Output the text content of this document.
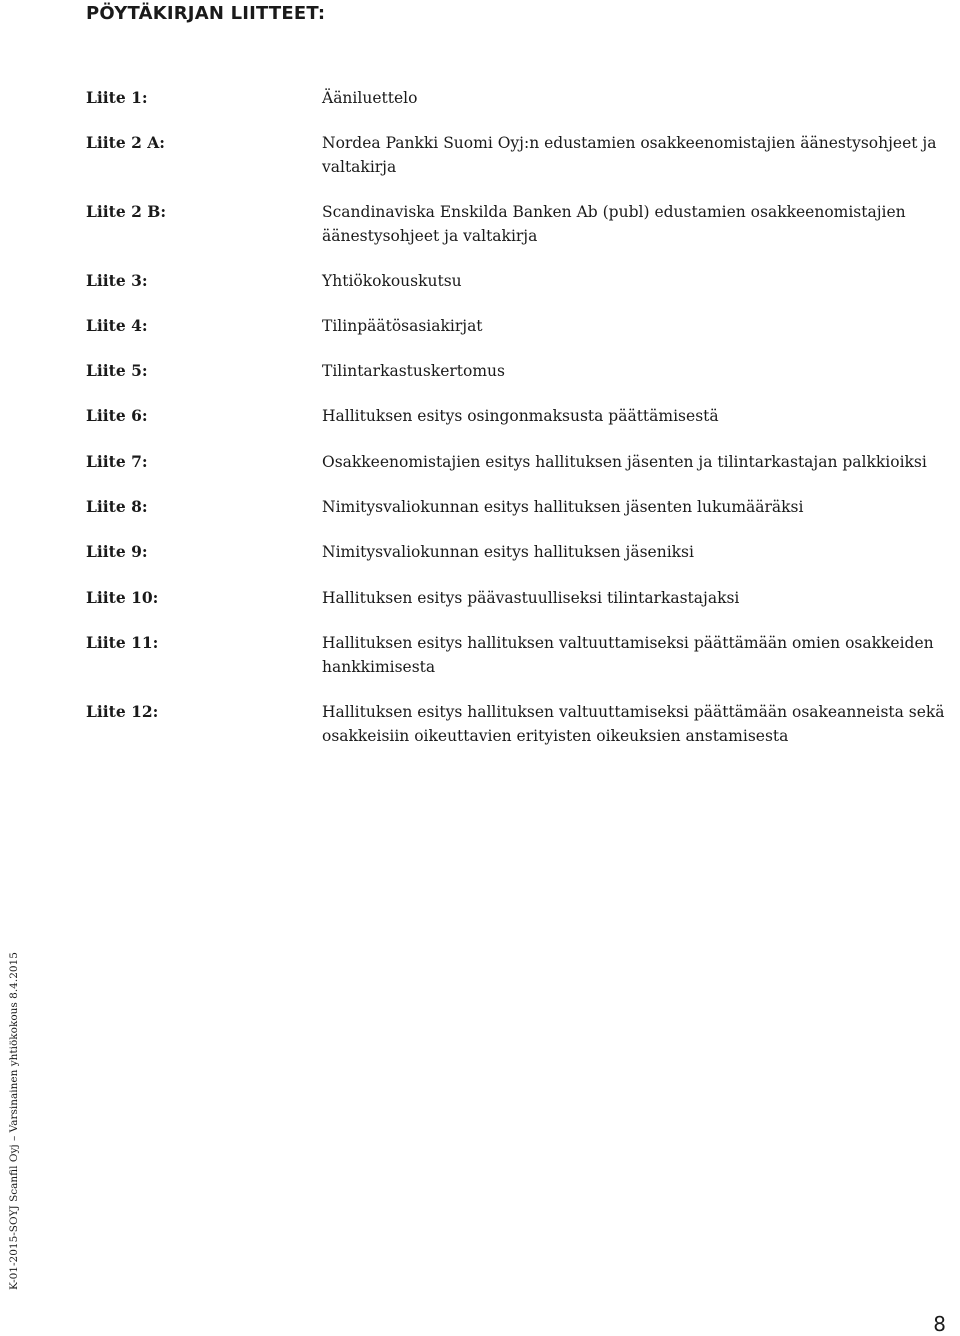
PÖYTÄKIRJAN LIITTEET:
Liite 1:	Ääniluettelo
Liite 2 A:	Nordea Pankki Suomi Oyj:n edustamien osakkeenomistajien äänestysohjeet ja valtakirja
Liite 2 B:	Scandinaviska Enskilda Banken Ab (publ) edustamien osakkeenomistajien äänestysohjeet ja valtakirja
Liite 3:	Yhtiökokouskutsu
Liite 4:	Tilinpäätösasiakirjat
Liite 5:	Tilintarkastuskertomus
Liite 6:	Hallituksen esitys osingonmaksusta päättämisestä
Liite 7:	Osakkeenomistajien esitys hallituksen jäsenten ja tilintarkastajan palkkioiksi
Liite 8:	Nimitysvaliokunnan esitys hallituksen jäsenten lukumääräksi
Liite 9:	Nimitysvaliokunnan esitys hallituksen jäseniksi
Liite 10:	Hallituksen esitys päävastuulliseksi tilintarkastajaksi
Liite 11:	Hallituksen esitys hallituksen valtuuttamiseksi päättämään omien osakkeiden hankkimisesta
Liite 12:	Hallituksen esitys hallituksen valtuuttamiseksi päättämään osakeanneista sekä osakkeisiin oikeuttavien erityisten oikeuksien anstamisesta
K-01-2015-SOYJ Scanfil Oyj – Varsinainen yhtiökokous 8.4.2015
8
